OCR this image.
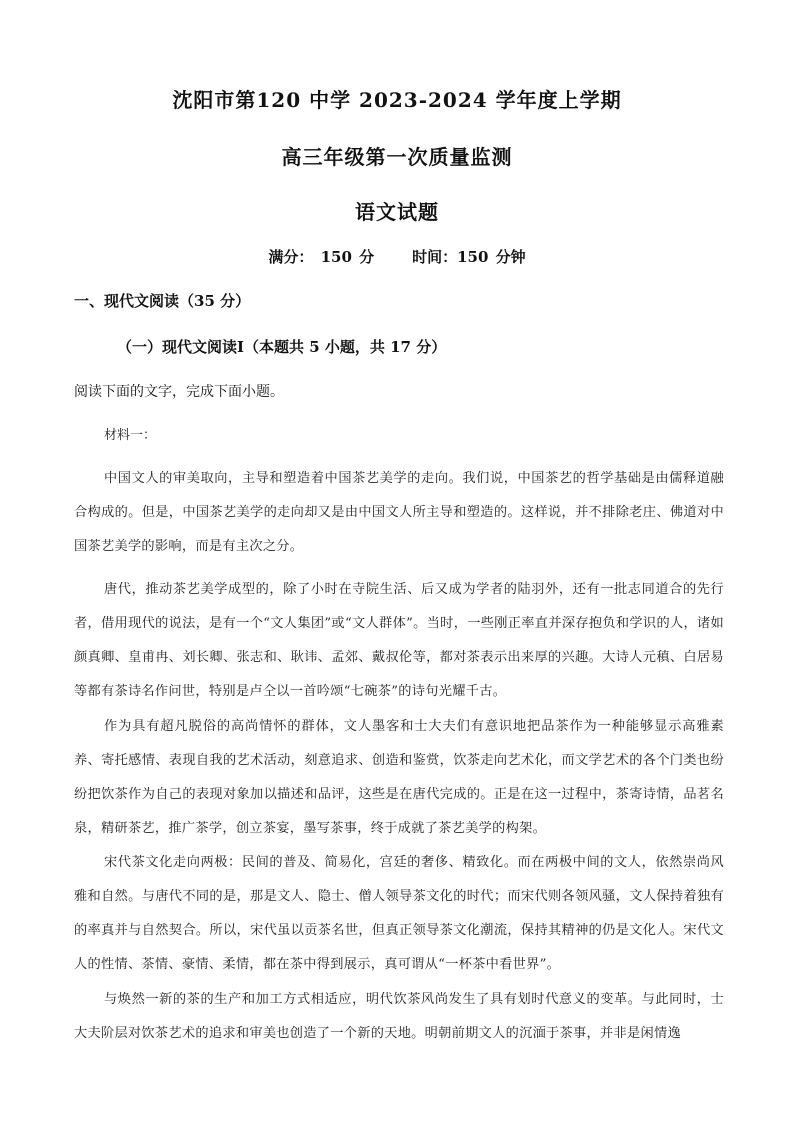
沈阳市第120 中学 2023-2024 学年度上学期
高三年级第一次质量监测
语文试题
满分： 150 分	时间：150 分钟
一、现代文阅读（35 分）
（一）现代文阅读Ⅰ（本题共 5 小题，共 17 分）
阅读下面的文字，完成下面小题。
材料一：

中国文人的审美取向，主导和塑造着中国茶艺美学的走向。我们说，中国茶艺的哲学基础是由儒释道融合构成的。但是，中国茶艺美学的走向却又是由中国文人所主导和塑造的。这样说，并不排除老庄、佛道对中国茶艺美学的影响，而是有主次之分。

唐代，推动茶艺美学成型的，除了小时在寺院生活、后又成为学者的陆羽外，还有一批志同道合的先行者，借用现代的说法，是有一个“文人集团”或“文人群体”。当时，一些刚正率直并深存抱负和学识的人，诸如颜真卿、皇甫冉、刘长卿、张志和、耿讳、孟郊、戴叔伦等，都对茶表示出来厚的兴趣。大诗人元稹、白居易等都有茶诗名作问世，特别是卢仝以一首吟颂“七碗茶”的诗句光耀千古。

作为具有超凡脱俗的高尚情怀的群体，文人墨客和士大夫们有意识地把品茶作为一种能够显示高雅素养、寄托感情、表现自我的艺术活动，刻意追求、创造和鉴赏，饮茶走向艺术化，而文学艺术的各个门类也纷纷把饮茶作为自己的表现对象加以描述和品评，这些是在唐代完成的。正是在这一过程中，茶寄诗情，品茗名泉，精研茶艺，推广茶学，创立茶宴，墨写茶事，终于成就了茶艺美学的构架。

宋代茶文化走向两极：民间的普及、简易化，宫廷的奢侈、精致化。而在两极中间的文人，依然崇尚风雅和自然。与唐代不同的是，那是文人、隐士、僧人领导茶文化的时代；而宋代则各领风骚，文人保持着独有的率真并与自然契合。所以，宋代虽以贡茶名世，但真正领导茶文化潮流，保持其精神的仍是文化人。宋代文人的性情、茶情、豪情、柔情，都在茶中得到展示，真可谓从“一杯茶中看世界”。

与焕然一新的茶的生产和加工方式相适应，明代饮茶风尚发生了具有划时代意义的变革。与此同时，士大夫阶层对饮茶艺术的追求和审美也创造了一个新的天地。明朝前期文人的沉湎于茶事，并非是闲情逸
